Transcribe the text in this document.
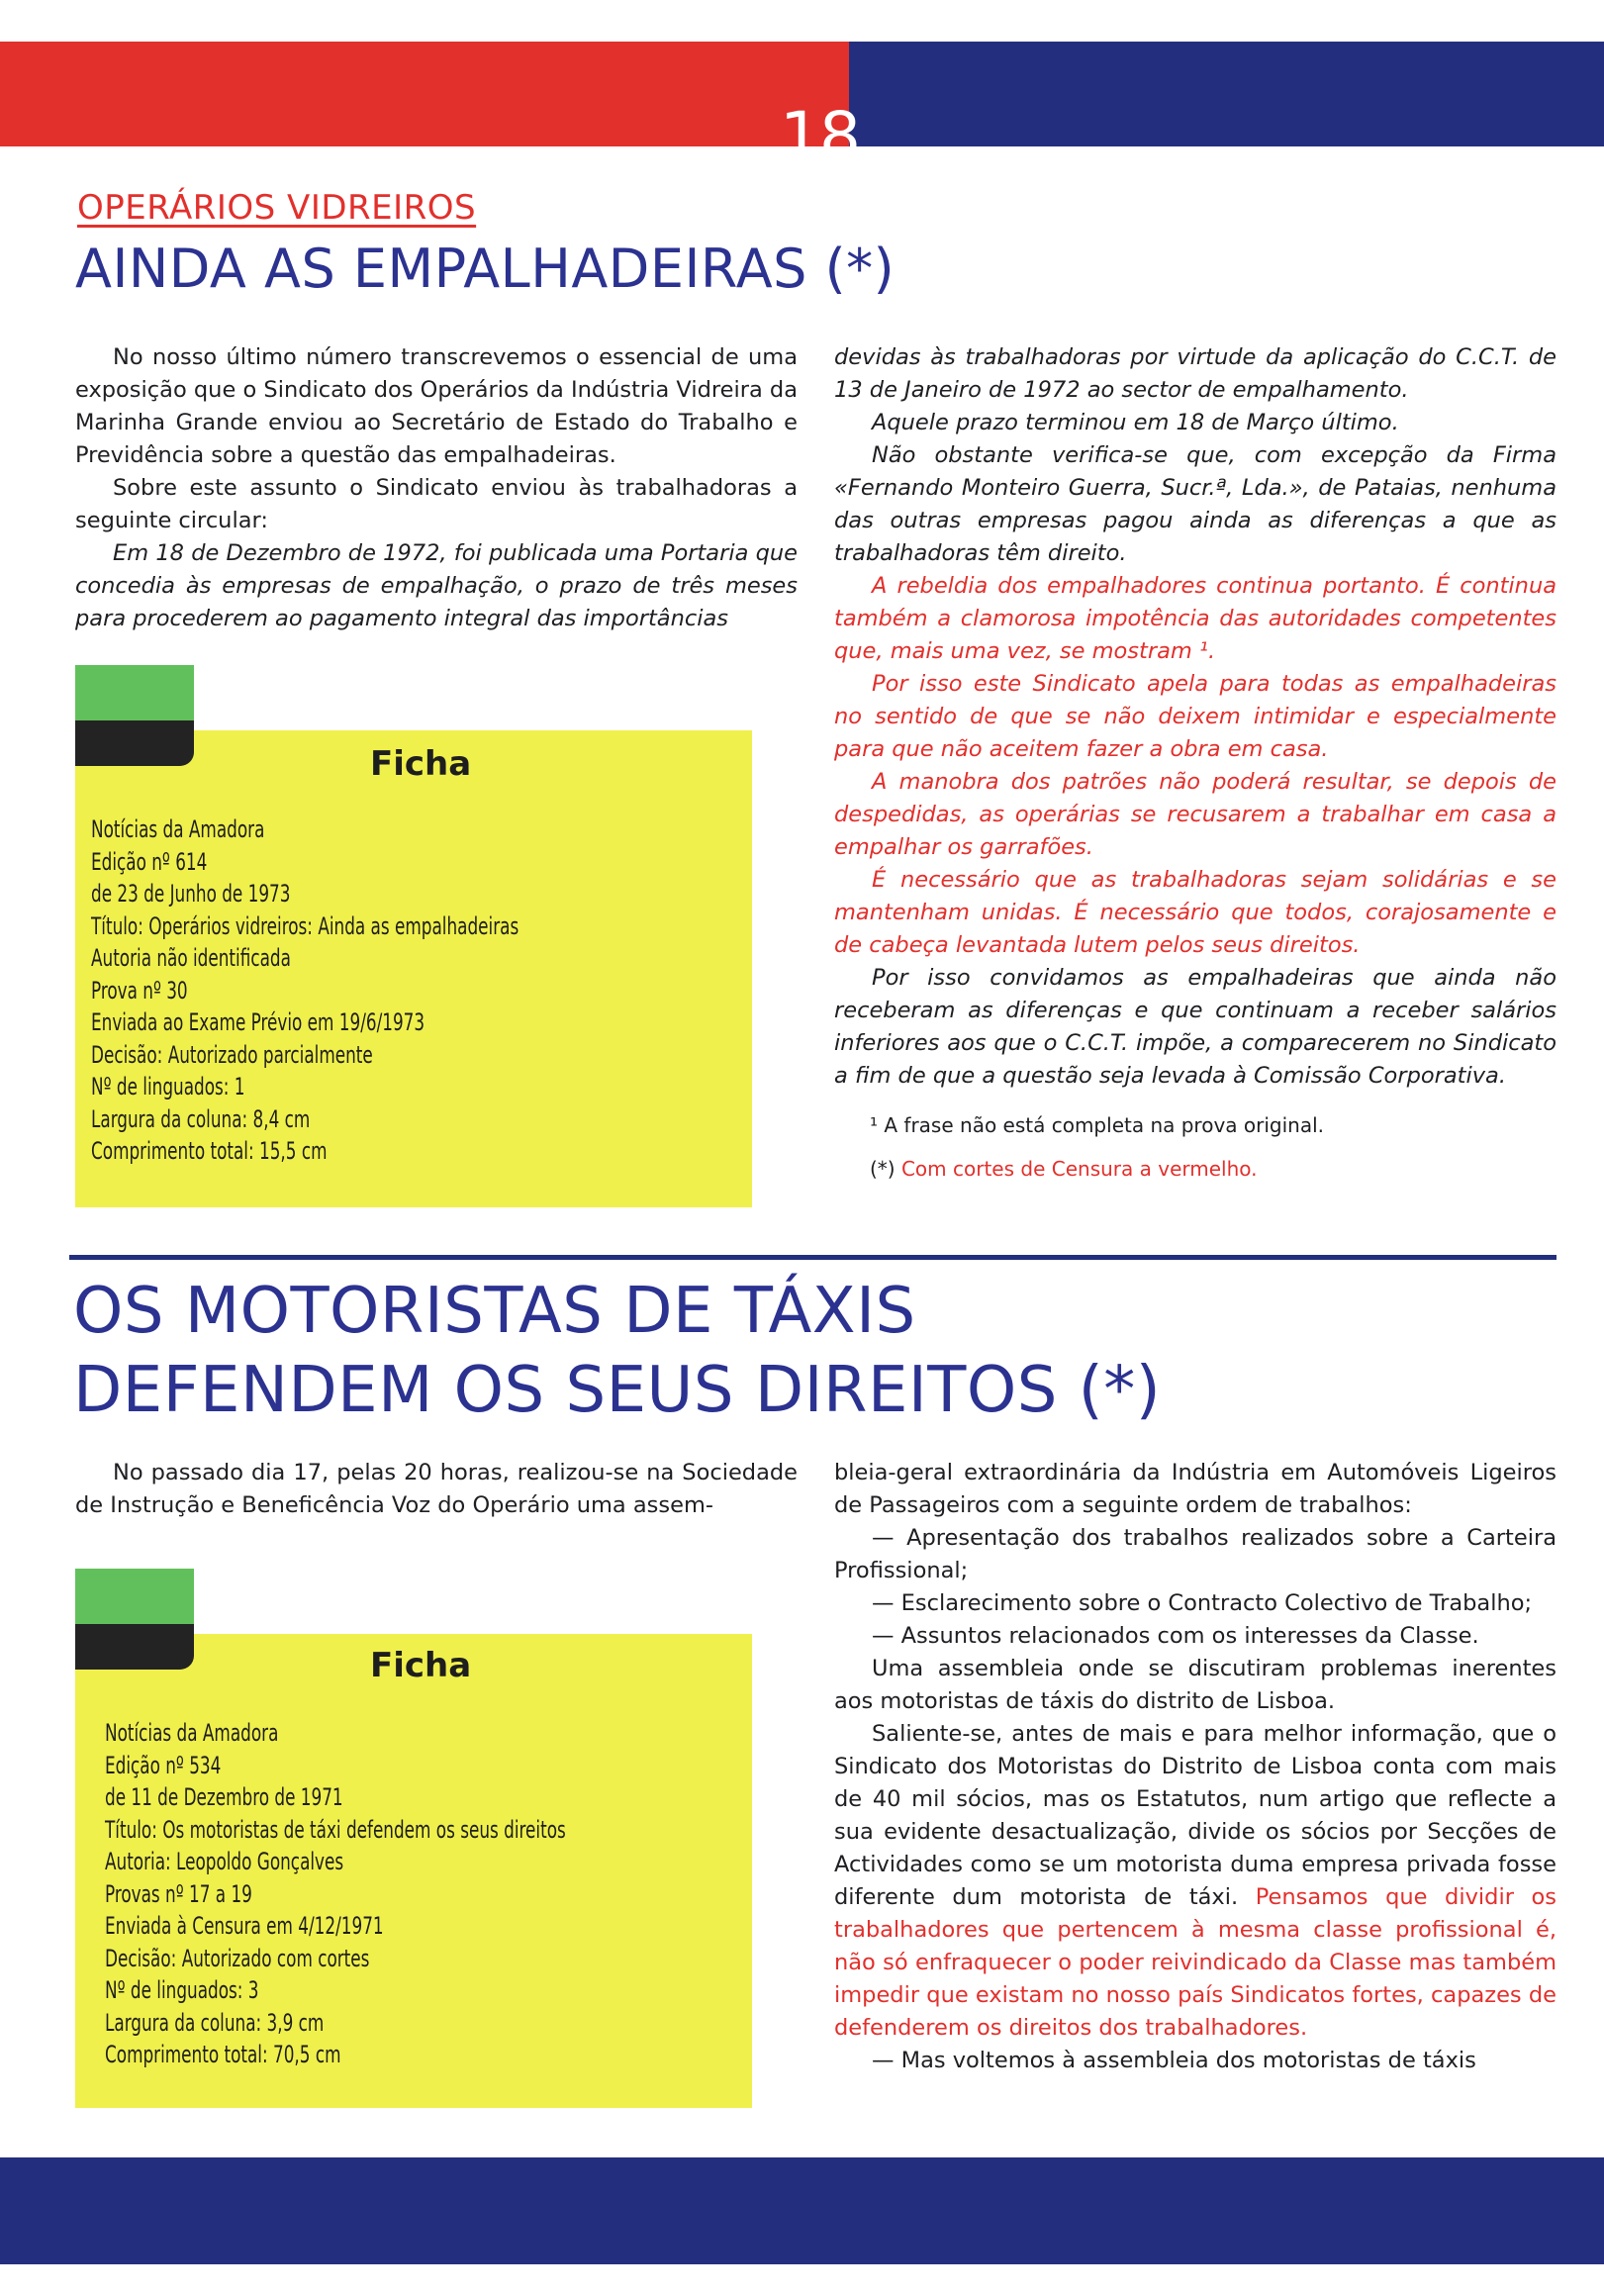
18
OPERÁRIOS VIDREIROS
AINDA AS EMPALHADEIRAS (*)

No nosso último número transcrevemos o essencial de uma exposição que o Sindicato dos Operários da Indústria Vidreira da Marinha Grande enviou ao Secretário de Estado do Trabalho e Previdência sobre a questão das empalhadeiras.

Sobre este assunto o Sindicato enviou às trabalhadoras a seguinte circular:

Em 18 de Dezembro de 1972, foi publicada uma Portaria que concedia às empresas de empalhação, o prazo de três meses para procederem ao pagamento integral das importâncias

Ficha
Notícias da Amadora
Edição nº 614
de 23 de Junho de 1973
Título: Operários vidreiros: Ainda as empalhadeiras
Autoria não identificada
Prova nº 30
Enviada ao Exame Prévio em 19/6/1973
Decisão: Autorizado parcialmente
Nº de linguados: 1
Largura da coluna: 8,4 cm
Comprimento total: 15,5 cm

devidas às trabalhadoras por virtude da aplicação do C.C.T. de 13 de Janeiro de 1972 ao sector de empalhamento.

Aquele prazo terminou em 18 de Março último.

Não obstante verifica-se que, com excepção da Firma «Fernando Monteiro Guerra, Sucr.ª, Lda.», de Pataias, nenhuma das outras empresas pagou ainda as diferenças a que as trabalhadoras têm direito.

A rebeldia dos empalhadores continua portanto. É continua também a clamorosa impotência das autoridades competentes que, mais uma vez, se mostram ¹.

Por isso este Sindicato apela para todas as empalhadeiras no sentido de que se não deixem intimidar e especialmente para que não aceitem fazer a obra em casa.

A manobra dos patrões não poderá resultar, se depois de despedidas, as operárias se recusarem a trabalhar em casa a empalhar os garrafões.

É necessário que as trabalhadoras sejam solidárias e se mantenham unidas. É necessário que todos, corajosamente e de cabeça levantada lutem pelos seus direitos.

Por isso convidamos as empalhadeiras que ainda não receberam as diferenças e que continuam a receber salários inferiores aos que o C.C.T. impõe, a comparecerem no Sindicato a fim de que a questão seja levada à Comissão Corporativa.

¹ A frase não está completa na prova original.
(*) Com cortes de Censura a vermelho.
OS MOTORISTAS DE TÁXIS
DEFENDEM OS SEUS DIREITOS (*)

No passado dia 17, pelas 20 horas, realizou-se na Sociedade de Instrução e Beneficência Voz do Operário uma assem-

Ficha
Notícias da Amadora
Edição nº 534
de 11 de Dezembro de 1971
Título: Os motoristas de táxi defendem os seus direitos
Autoria: Leopoldo Gonçalves
Provas nº 17 a 19
Enviada à Censura em 4/12/1971
Decisão: Autorizado com cortes
Nº de linguados: 3
Largura da coluna: 3,9 cm
Comprimento total: 70,5 cm

bleia-geral extraordinária da Indústria em Automóveis Ligeiros de Passageiros com a seguinte ordem de trabalhos:

— Apresentação dos trabalhos realizados sobre a Carteira Profissional;

— Esclarecimento sobre o Contracto Colectivo de Trabalho;

— Assuntos relacionados com os interesses da Classe.

Uma assembleia onde se discutiram problemas inerentes aos motoristas de táxis do distrito de Lisboa.

Saliente-se, antes de mais e para melhor informação, que o Sindicato dos Motoristas do Distrito de Lisboa conta com mais de 40 mil sócios, mas os Estatutos, num artigo que reflecte a sua evidente desactualização, divide os sócios por Secções de Actividades como se um motorista duma empresa privada fosse diferente dum motorista de táxi. Pensamos que dividir os trabalhadores que pertencem à mesma classe profissional é, não só enfraquecer o poder reivindicado da Classe mas também impedir que existam no nosso país Sindicatos fortes, capazes de defenderem os direitos dos trabalhadores.

— Mas voltemos à assembleia dos motoristas de táxis
